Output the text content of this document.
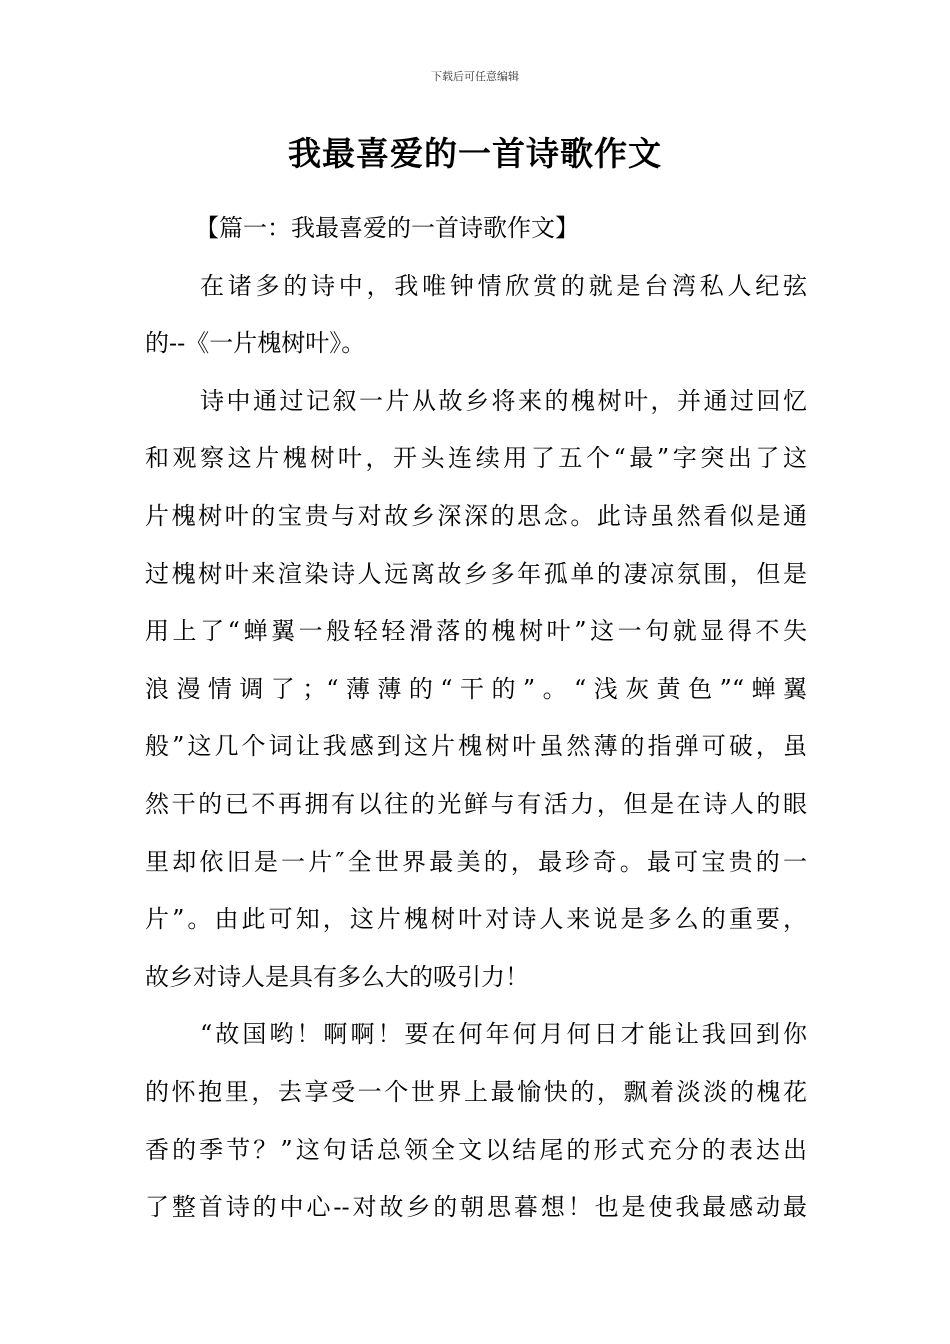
下载后可任意编辑
我最喜爱的一首诗歌作文
【篇一：我最喜爱的一首诗歌作文】
在诸多的诗中，我唯钟情欣赏的就是台湾私人纪弦
的--《一片槐树叶》。
诗中通过记叙一片从故乡将来的槐树叶，并通过回忆
和观察这片槐树叶，开头连续用了五个“最”字突出了这
片槐树叶的宝贵与对故乡深深的思念。此诗虽然看似是通
过槐树叶来渲染诗人远离故乡多年孤单的凄凉氛围，但是
用上了“蝉翼一般轻轻滑落的槐树叶”这一句就显得不失
浪漫情调了；“薄薄的“干的”。“浅灰黄色”“蝉翼
般”这几个词让我感到这片槐树叶虽然薄的指弹可破，虽
然干的已不再拥有以往的光鲜与有活力，但是在诗人的眼
里却依旧是一片″全世界最美的，最珍奇。最可宝贵的一
片”。由此可知，这片槐树叶对诗人来说是多么的重要，
故乡对诗人是具有多么大的吸引力！
“故国哟！啊啊！要在何年何月何日才能让我回到你
的怀抱里，去享受一个世界上最愉快的，飘着淡淡的槐花
香的季节？”这句话总领全文以结尾的形式充分的表达出
了整首诗的中心--对故乡的朝思暮想！也是使我最感动最
